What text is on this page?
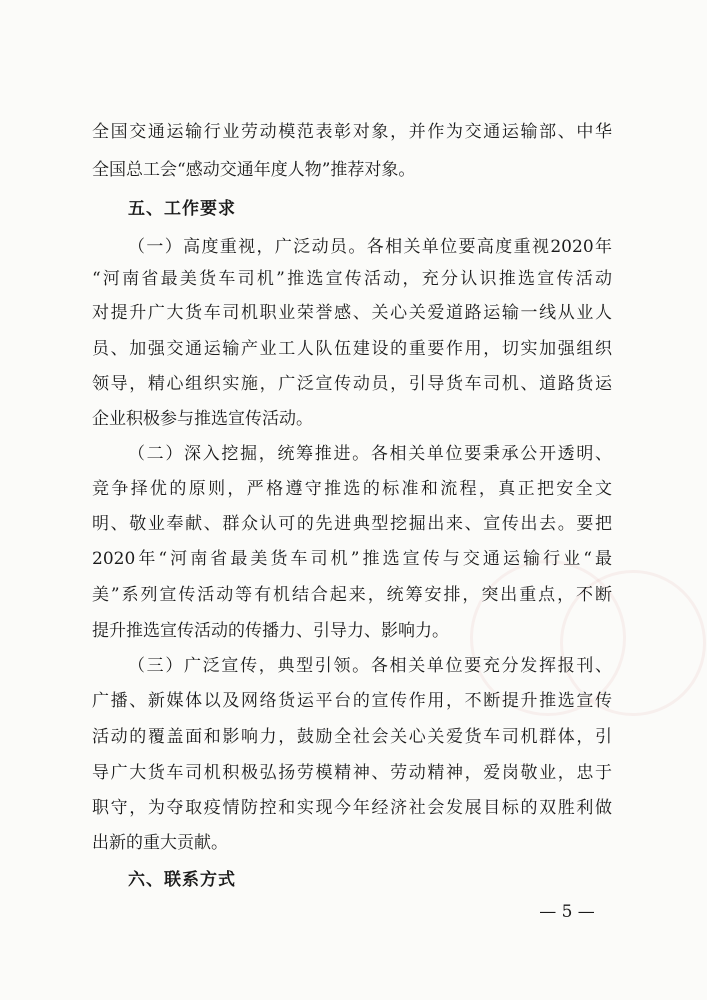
全国交通运输行业劳动模范表彰对象，并作为交通运输部、中华
全国总工会“感动交通年度人物”推荐对象。
五、工作要求
（一）高度重视，广泛动员。各相关单位要高度重视2020年
“河南省最美货车司机”推选宣传活动，充分认识推选宣传活动
对提升广大货车司机职业荣誉感、关心关爱道路运输一线从业人
员、加强交通运输产业工人队伍建设的重要作用，切实加强组织
领导，精心组织实施，广泛宣传动员，引导货车司机、道路货运
企业积极参与推选宣传活动。
（二）深入挖掘，统筹推进。各相关单位要秉承公开透明、
竞争择优的原则，严格遵守推选的标准和流程，真正把安全文
明、敬业奉献、群众认可的先进典型挖掘出来、宣传出去。要把
2020年“河南省最美货车司机”推选宣传与交通运输行业“最
美”系列宣传活动等有机结合起来，统筹安排，突出重点，不断
提升推选宣传活动的传播力、引导力、影响力。
（三）广泛宣传，典型引领。各相关单位要充分发挥报刊、
广播、新媒体以及网络货运平台的宣传作用，不断提升推选宣传
活动的覆盖面和影响力，鼓励全社会关心关爱货车司机群体，引
导广大货车司机积极弘扬劳模精神、劳动精神，爱岗敬业，忠于
职守，为夺取疫情防控和实现今年经济社会发展目标的双胜利做
出新的重大贡献。
六、联系方式
— 5 —
